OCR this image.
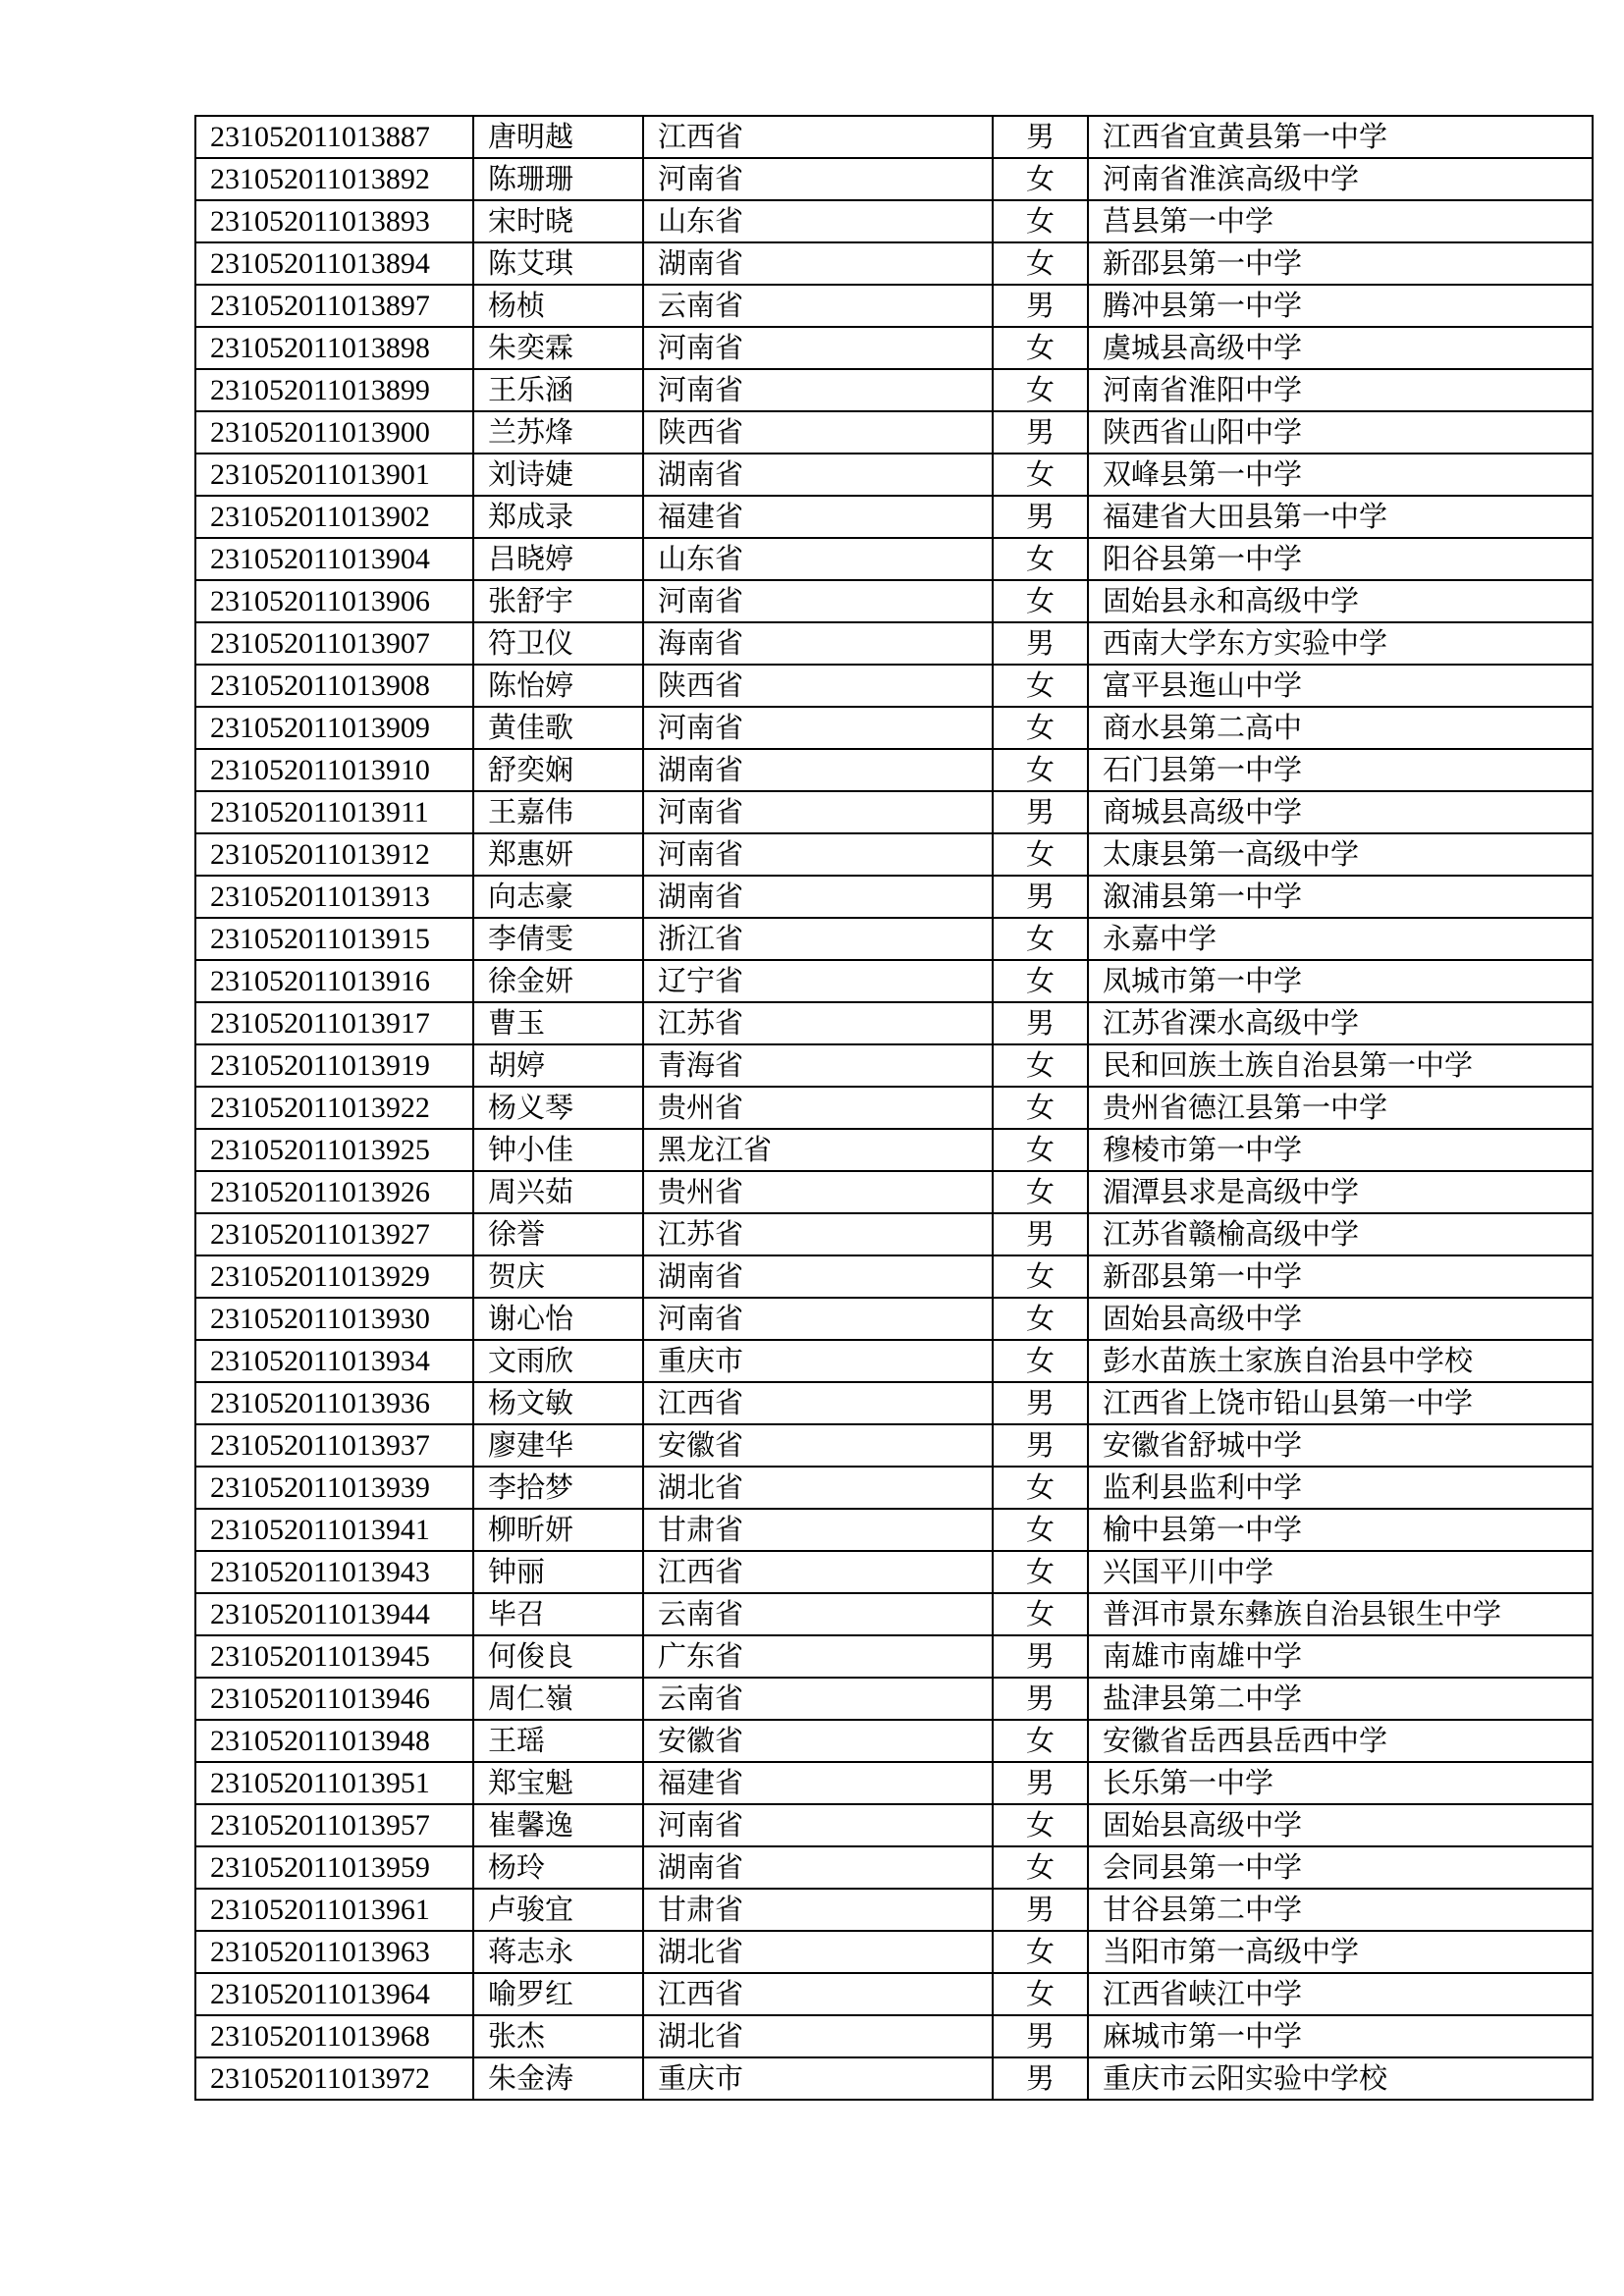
231052011013887	唐明越	江西省	男	江西省宜黄县第一中学
231052011013892	陈珊珊	河南省	女	河南省淮滨高级中学
231052011013893	宋时晓	山东省	女	莒县第一中学
231052011013894	陈艾琪	湖南省	女	新邵县第一中学
231052011013897	杨桢	云南省	男	腾冲县第一中学
231052011013898	朱奕霖	河南省	女	虞城县高级中学
231052011013899	王乐涵	河南省	女	河南省淮阳中学
231052011013900	兰苏烽	陕西省	男	陕西省山阳中学
231052011013901	刘诗婕	湖南省	女	双峰县第一中学
231052011013902	郑成录	福建省	男	福建省大田县第一中学
231052011013904	吕晓婷	山东省	女	阳谷县第一中学
231052011013906	张舒宇	河南省	女	固始县永和高级中学
231052011013907	符卫仪	海南省	男	西南大学东方实验中学
231052011013908	陈怡婷	陕西省	女	富平县迤山中学
231052011013909	黄佳歌	河南省	女	商水县第二高中
231052011013910	舒奕娴	湖南省	女	石门县第一中学
231052011013911	王嘉伟	河南省	男	商城县高级中学
231052011013912	郑惠妍	河南省	女	太康县第一高级中学
231052011013913	向志豪	湖南省	男	溆浦县第一中学
231052011013915	李倩雯	浙江省	女	永嘉中学
231052011013916	徐金妍	辽宁省	女	凤城市第一中学
231052011013917	曹玉	江苏省	男	江苏省溧水高级中学
231052011013919	胡婷	青海省	女	民和回族土族自治县第一中学
231052011013922	杨义琴	贵州省	女	贵州省德江县第一中学
231052011013925	钟小佳	黑龙江省	女	穆棱市第一中学
231052011013926	周兴茹	贵州省	女	湄潭县求是高级中学
231052011013927	徐誉	江苏省	男	江苏省赣榆高级中学
231052011013929	贺庆	湖南省	女	新邵县第一中学
231052011013930	谢心怡	河南省	女	固始县高级中学
231052011013934	文雨欣	重庆市	女	彭水苗族土家族自治县中学校
231052011013936	杨文敏	江西省	男	江西省上饶市铅山县第一中学
231052011013937	廖建华	安徽省	男	安徽省舒城中学
231052011013939	李拾梦	湖北省	女	监利县监利中学
231052011013941	柳昕妍	甘肃省	女	榆中县第一中学
231052011013943	钟丽	江西省	女	兴国平川中学
231052011013944	毕召	云南省	女	普洱市景东彝族自治县银生中学
231052011013945	何俊良	广东省	男	南雄市南雄中学
231052011013946	周仁嶺	云南省	男	盐津县第二中学
231052011013948	王瑶	安徽省	女	安徽省岳西县岳西中学
231052011013951	郑宝魁	福建省	男	长乐第一中学
231052011013957	崔馨逸	河南省	女	固始县高级中学
231052011013959	杨玲	湖南省	女	会同县第一中学
231052011013961	卢骏宜	甘肃省	男	甘谷县第二中学
231052011013963	蒋志永	湖北省	女	当阳市第一高级中学
231052011013964	喻罗红	江西省	女	江西省峡江中学
231052011013968	张杰	湖北省	男	麻城市第一中学
231052011013972	朱金涛	重庆市	男	重庆市云阳实验中学校
